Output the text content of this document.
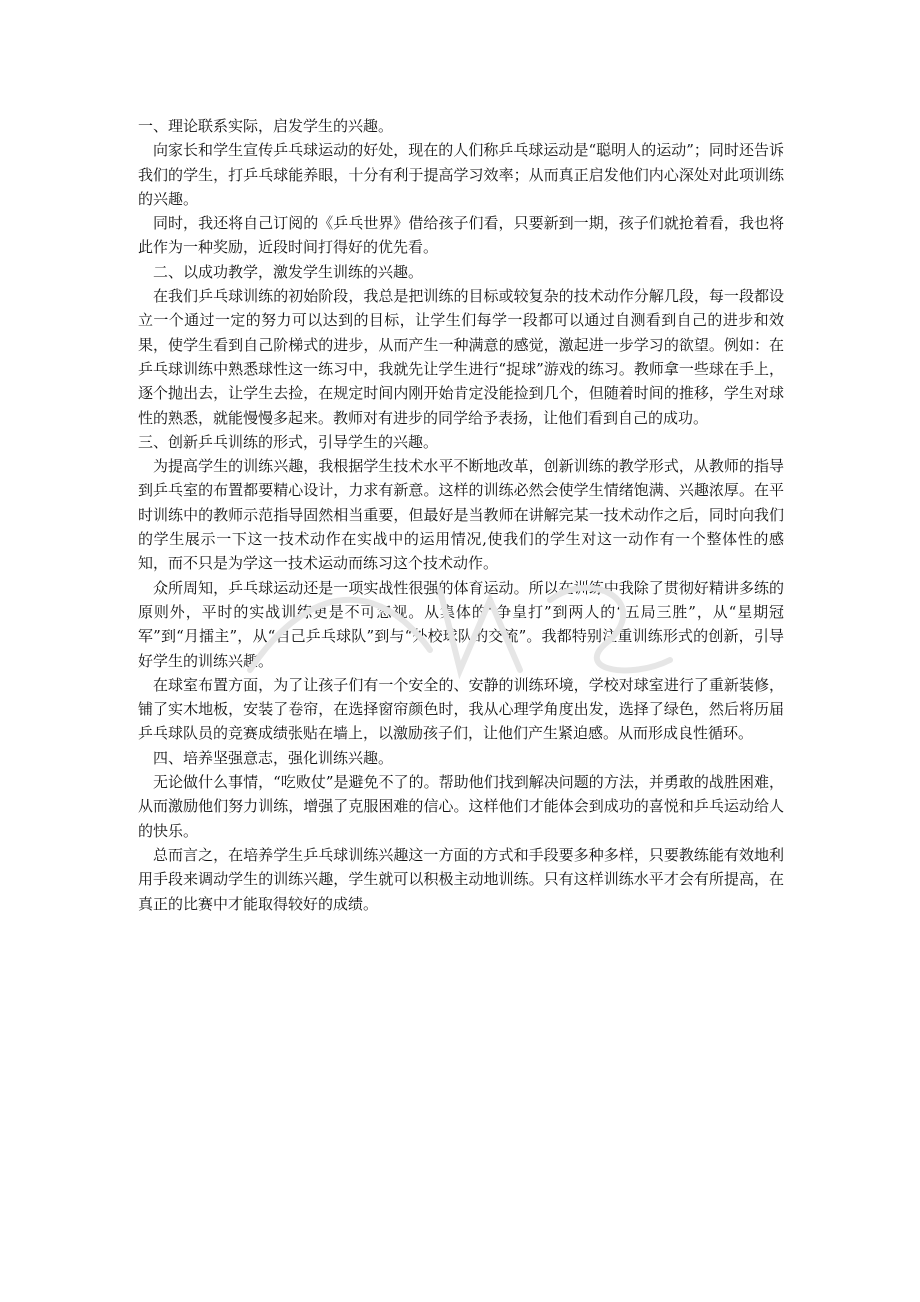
一、理论联系实际，启发学生的兴趣。

向家长和学生宣传乒乓球运动的好处，现在的人们称乒乓球运动是“聪明人的运动”；同时还告诉我们的学生，打乒乓球能养眼，十分有利于提高学习效率；从而真正启发他们内心深处对此项训练的兴趣。

同时，我还将自己订阅的《乒乓世界》借给孩子们看，只要新到一期，孩子们就抢着看，我也将此作为一种奖励，近段时间打得好的优先看。

二、以成功教学，激发学生训练的兴趣。

在我们乒乓球训练的初始阶段，我总是把训练的目标或较复杂的技术动作分解几段，每一段都设立一个通过一定的努力可以达到的目标，让学生们每学一段都可以通过自测看到自己的进步和效果，使学生看到自己阶梯式的进步，从而产生一种满意的感觉，激起进一步学习的欲望。例如：在乒乓球训练中熟悉球性这一练习中，我就先让学生进行“捉球”游戏的练习。教师拿一些球在手上，逐个抛出去，让学生去捡，在规定时间内刚开始肯定没能捡到几个，但随着时间的推移，学生对球性的熟悉，就能慢慢多起来。教师对有进步的同学给予表扬，让他们看到自己的成功。

三、创新乒乓训练的形式，引导学生的兴趣。

为提高学生的训练兴趣，我根据学生技术水平不断地改革，创新训练的教学形式，从教师的指导到乒乓室的布置都要精心设计，力求有新意。这样的训练必然会使学生情绪饱满、兴趣浓厚。在平时训练中的教师示范指导固然相当重要，但最好是当教师在讲解完某一技术动作之后，同时向我们的学生展示一下这一技术动作在实战中的运用情况,使我们的学生对这一动作有一个整体性的感知，而不只是为学这一技术运动而练习这个技术动作。

众所周知，乒乓球运动还是一项实战性很强的体育运动。所以在训练中我除了贯彻好精讲多练的原则外，平时的实战训练更是不可忽视。从集体的“争皇打”到两人的“五局三胜”，从“星期冠军”到“月擂主”，从“自己乒乓球队”到与“外校球队的交流”。我都特别注重训练形式的创新，引导好学生的训练兴趣。

在球室布置方面，为了让孩子们有一个安全的、安静的训练环境，学校对球室进行了重新装修，铺了实木地板，安装了卷帘，在选择窗帘颜色时，我从心理学角度出发，选择了绿色，然后将历届乒乓球队员的竞赛成绩张贴在墙上，以激励孩子们，让他们产生紧迫感。从而形成良性循环。

四、培养坚强意志，强化训练兴趣。

无论做什么事情，“吃败仗”是避免不了的。帮助他们找到解决问题的方法，并勇敢的战胜困难，从而激励他们努力训练，增强了克服困难的信心。这样他们才能体会到成功的喜悦和乒乓运动给人的快乐。

总而言之，在培养学生乒乓球训练兴趣这一方面的方式和手段要多种多样，只要教练能有效地利用手段来调动学生的训练兴趣，学生就可以积极主动地训练。只有这样训练水平才会有所提高，在真正的比赛中才能取得较好的成绩。
